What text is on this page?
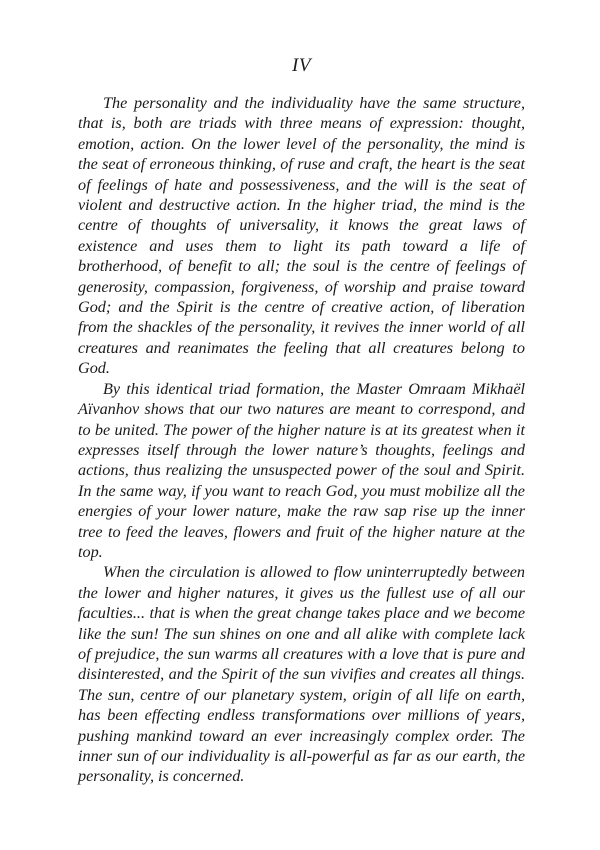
IV

The personality and the individuality have the same structure, that is, both are triads with three means of expression: thought, emotion, action. On the lower level of the personality, the mind is the seat of erroneous thinking, of ruse and craft, the heart is the seat of feelings of hate and possessiveness, and the will is the seat of violent and destructive action. In the higher triad, the mind is the centre of thoughts of universality, it knows the great laws of existence and uses them to light its path toward a life of brotherhood, of benefit to all; the soul is the centre of feelings of generosity, compassion, forgiveness, of worship and praise toward God; and the Spirit is the centre of creative action, of liberation from the shackles of the personality, it revives the inner world of all creatures and reanimates the feeling that all creatures belong to God.

By this identical triad formation, the Master Omraam Mikhaël Aïvanhov shows that our two natures are meant to correspond, and to be united. The power of the higher nature is at its greatest when it expresses itself through the lower nature’s thoughts, feelings and actions, thus realizing the unsuspected power of the soul and Spirit. In the same way, if you want to reach God, you must mobilize all the energies of your lower nature, make the raw sap rise up the inner tree to feed the leaves, flowers and fruit of the higher nature at the top.

When the circulation is allowed to flow uninterruptedly between the lower and higher natures, it gives us the fullest use of all our faculties... that is when the great change takes place and we become like the sun! The sun shines on one and all alike with complete lack of prejudice, the sun warms all creatures with a love that is pure and disinterested, and the Spirit of the sun vivifies and creates all things. The sun, centre of our planetary system, origin of all life on earth, has been effecting endless transformations over millions of years, pushing mankind toward an ever increasingly complex order. The inner sun of our individuality is all-powerful as far as our earth, the personality, is concerned.
